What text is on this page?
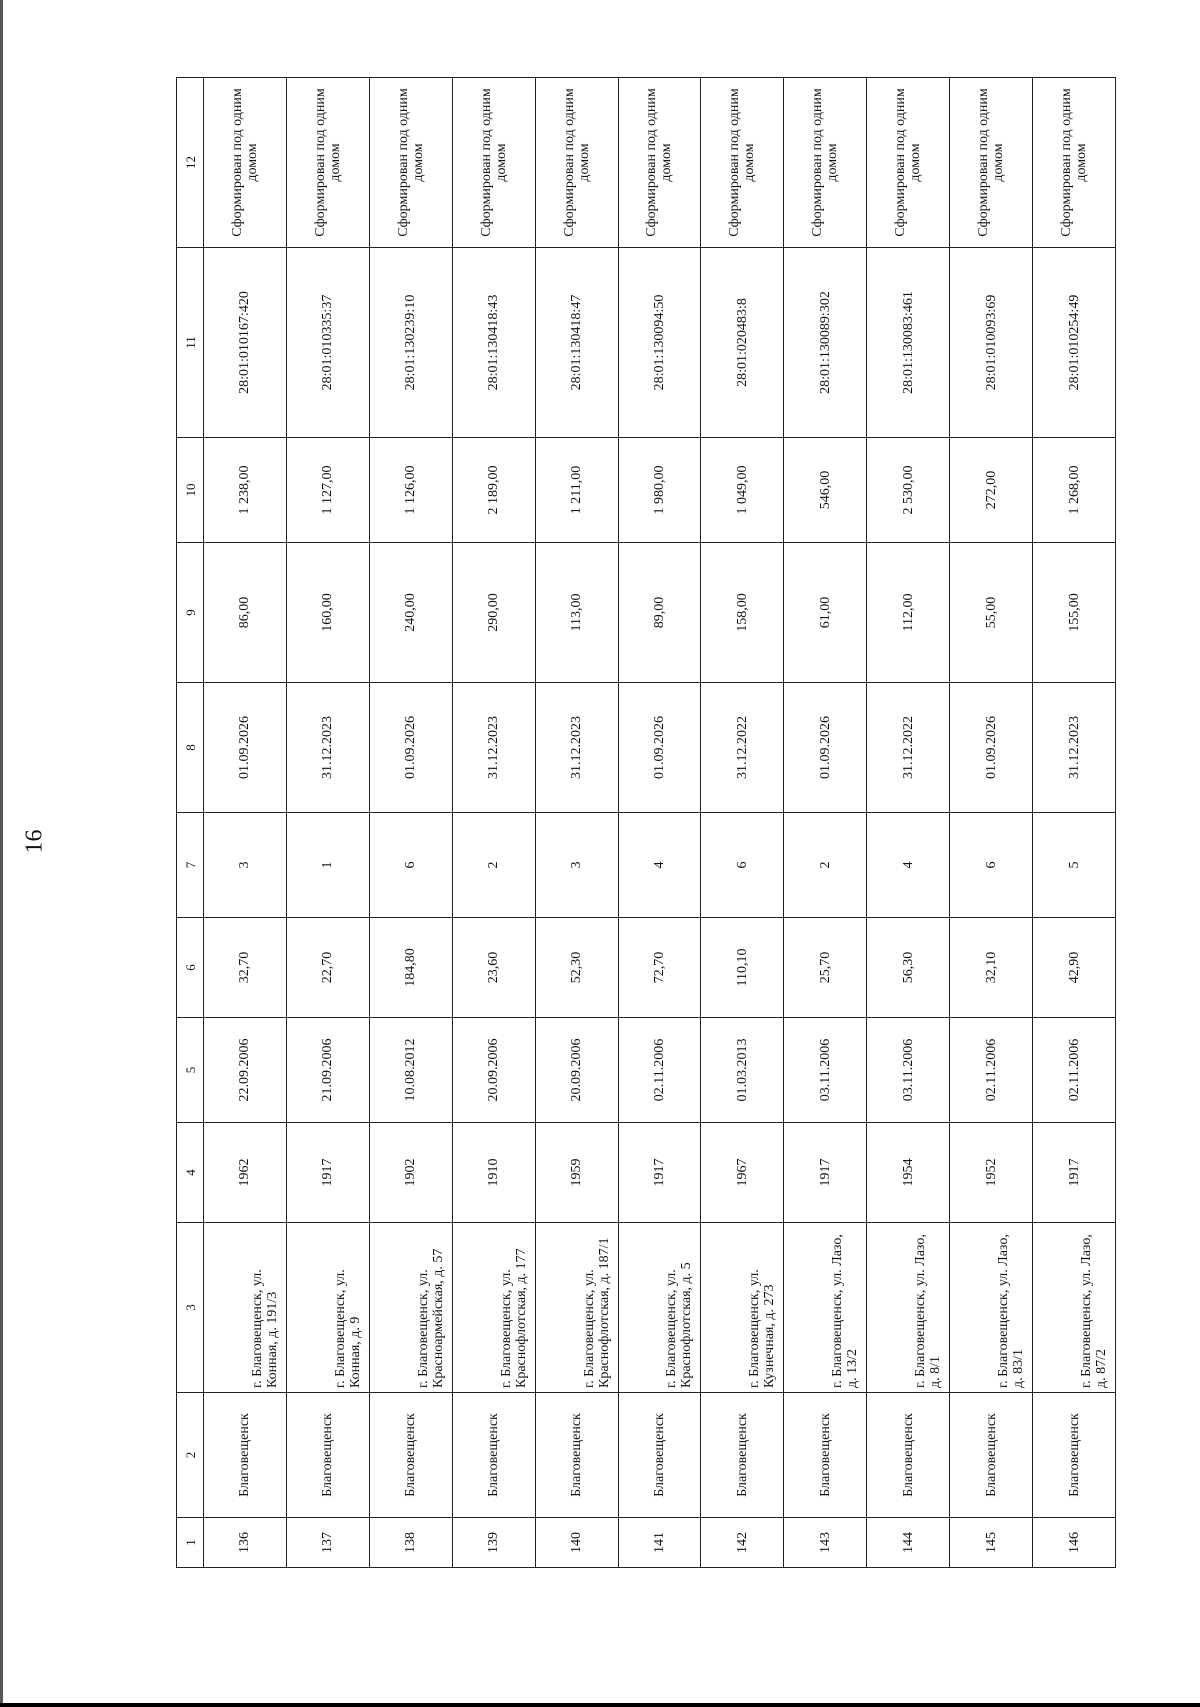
16
1	2	3	4	5	6	7	8	9	10	11	12
136	Благовещенск	г. Благовещенск, ул. Конная, д. 191/3	1962	22.09.2006	32,70	3	01.09.2026	86,00	1 238,00	28:01:010167:420	Сформирован под одним домом
137	Благовещенск	г. Благовещенск, ул. Конная, д. 9	1917	21.09.2006	22,70	1	31.12.2023	160,00	1 127,00	28:01:010335:37	Сформирован под одним домом
138	Благовещенск	г. Благовещенск, ул. Красноармейская, д. 57	1902	10.08.2012	184,80	6	01.09.2026	240,00	1 126,00	28:01:130239:10	Сформирован под одним домом
139	Благовещенск	г. Благовещенск, ул. Краснофлотская, д. 177	1910	20.09.2006	23,60	2	31.12.2023	290,00	2 189,00	28:01:130418:43	Сформирован под одним домом
140	Благовещенск	г. Благовещенск, ул. Краснофлотская, д. 187/1	1959	20.09.2006	52,30	3	31.12.2023	113,00	1 211,00	28:01:130418:47	Сформирован под одним домом
141	Благовещенск	г. Благовещенск, ул. Краснофлотская, д. 5	1917	02.11.2006	72,70	4	01.09.2026	89,00	1 980,00	28:01:130094:50	Сформирован под одним домом
142	Благовещенск	г. Благовещенск, ул. Кузнечная, д. 273	1967	01.03.2013	110,10	6	31.12.2022	158,00	1 049,00	28:01:020483:8	Сформирован под одним домом
143	Благовещенск	г. Благовещенск, ул. Лазо, д. 13/2	1917	03.11.2006	25,70	2	01.09.2026	61,00	546,00	28:01:130089:302	Сформирован под одним домом
144	Благовещенск	г. Благовещенск, ул. Лазо, д. 8/1	1954	03.11.2006	56,30	4	31.12.2022	112,00	2 530,00	28:01:130083:461	Сформирован под одним домом
145	Благовещенск	г. Благовещенск, ул. Лазо, д. 83/1	1952	02.11.2006	32,10	6	01.09.2026	55,00	272,00	28:01:010093:69	Сформирован под одним домом
146	Благовещенск	г. Благовещенск, ул. Лазо, д. 87/2	1917	02.11.2006	42,90	5	31.12.2023	155,00	1 268,00	28:01:010254:49	Сформирован под одним домом
